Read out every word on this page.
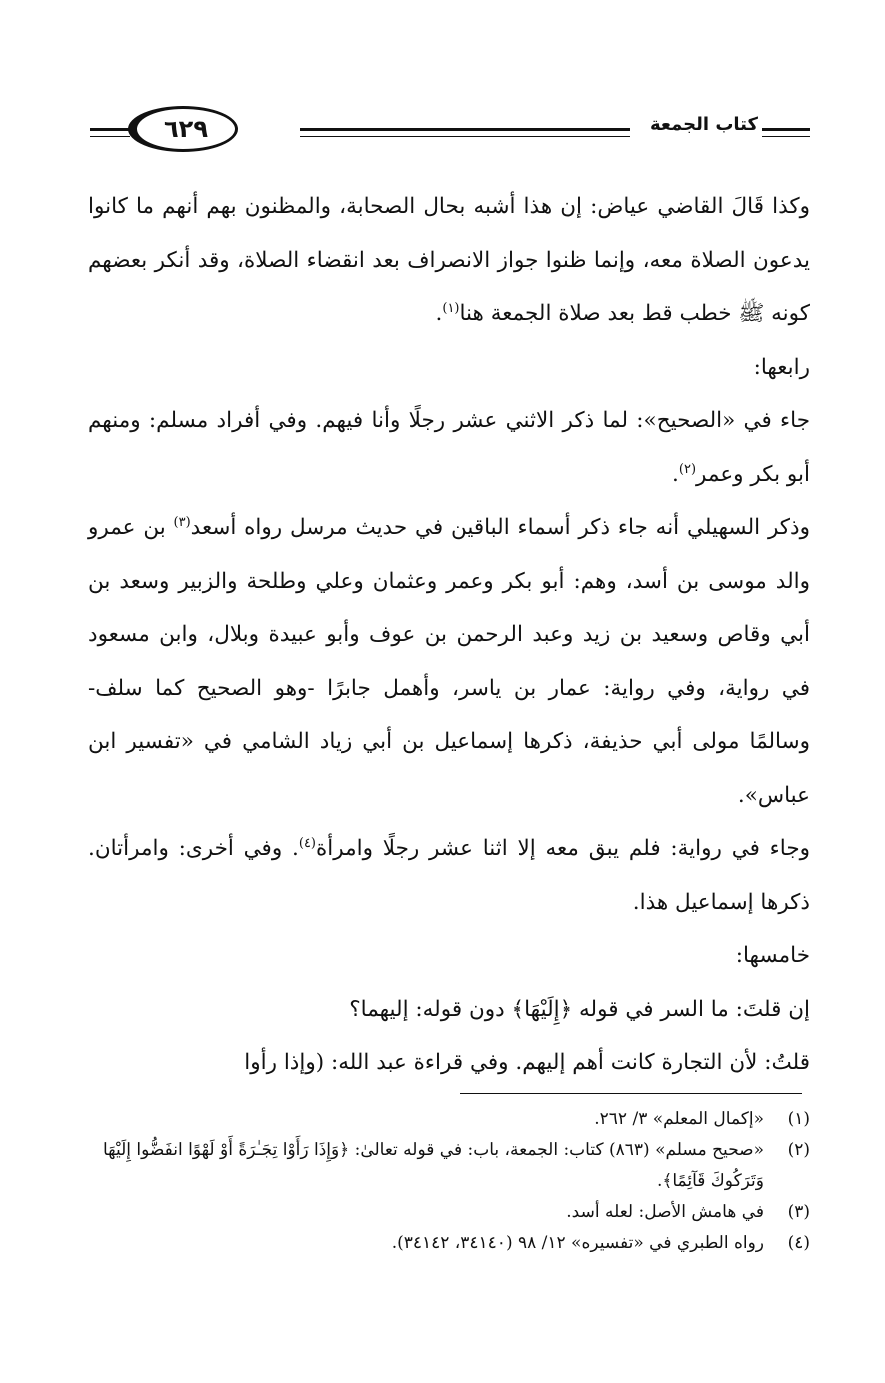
٦٢٩	كتاب الجمعة

وكذا قَالَ القاضي عياض: إن هذا أشبه بحال الصحابة، والمظنون بهم أنهم ما كانوا يدعون الصلاة معه، وإنما ظنوا جواز الانصراف بعد انقضاء الصلاة، وقد أنكر بعضهم كونه ﷺ خطب قط بعد صلاة الجمعة هنا$^{(١)}$.

رابعها:

جاء في «الصحيح»: لما ذكر الاثني عشر رجلًا وأنا فيهم. وفي أفراد مسلم: ومنهم أبو بكر وعمر$^{(٢)}$.

وذكر السهيلي أنه جاء ذكر أسماء الباقين في حديث مرسل رواه أسعد$^{(٣)}$ بن عمرو والد موسى بن أسد، وهم: أبو بكر وعمر وعثمان وعلي وطلحة والزبير وسعد بن أبي وقاص وسعيد بن زيد وعبد الرحمن بن عوف وأبو عبيدة وبلال، وابن مسعود في رواية، وفي رواية: عمار بن ياسر، وأهمل جابرًا -وهو الصحيح كما سلف- وسالمًا مولى أبي حذيفة، ذكرها إسماعيل بن أبي زياد الشامي في «تفسير ابن عباس».

وجاء في رواية: فلم يبق معه إلا اثنا عشر رجلًا وامرأة$^{(٤)}$. وفي أخرى: وامرأتان. ذكرها إسماعيل هذا.

خامسها:

إن قلتَ: ما السر في قوله ﴿إِلَيْهَا﴾ دون قوله: إليهما؟

قلتُ: لأن التجارة كانت أهم إليهم. وفي قراءة عبد الله: (وإذا رأوا

(١)
«إكمال المعلم» ٣/ ٢٦٢.
(٢)
«صحيح مسلم» (٨٦٣) كتاب: الجمعة، باب: في قوله تعالىٰ: ﴿وَإِذَا رَأَوْا تِجَـٰرَةً أَوْ لَهْوًا انفَضُّوا إِلَيْهَا وَتَرَكُوكَ قَآئِمًا﴾.
(٣)
في هامش الأصل: لعله أسد.
(٤)
رواه الطبري في «تفسيره» ١٢/ ٩٨ (٣٤١٤٠، ٣٤١٤٢).
